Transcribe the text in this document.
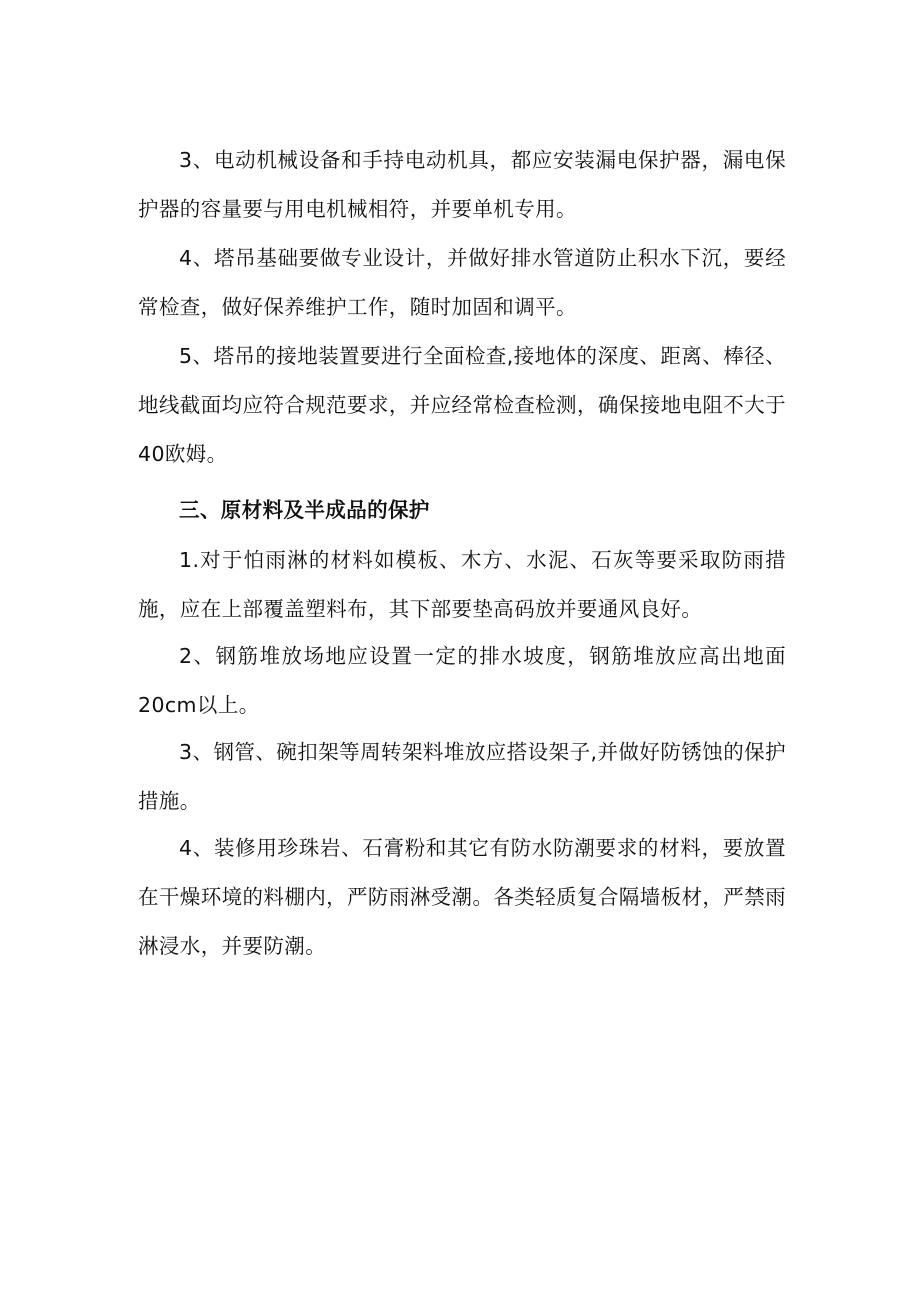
3、电动机械设备和手持电动机具，都应安装漏电保护器，漏电保护器的容量要与用电机械相符，并要单机专用。

4、塔吊基础要做专业设计，并做好排水管道防止积水下沉，要经常检查，做好保养维护工作，随时加固和调平。

5、塔吊的接地装置要进行全面检查,接地体的深度、距离、棒径、地线截面均应符合规范要求，并应经常检查检测，确保接地电阻不大于40欧姆。

三、原材料及半成品的保护

1.对于怕雨淋的材料如模板、木方、水泥、石灰等要采取防雨措施，应在上部覆盖塑料布，其下部要垫高码放并要通风良好。

2、钢筋堆放场地应设置一定的排水坡度，钢筋堆放应高出地面20cm以上。

3、钢管、碗扣架等周转架料堆放应搭设架子,并做好防锈蚀的保护措施。

4、装修用珍珠岩、石膏粉和其它有防水防潮要求的材料，要放置在干燥环境的料棚内，严防雨淋受潮。各类轻质复合隔墙板材，严禁雨淋浸水，并要防潮。
